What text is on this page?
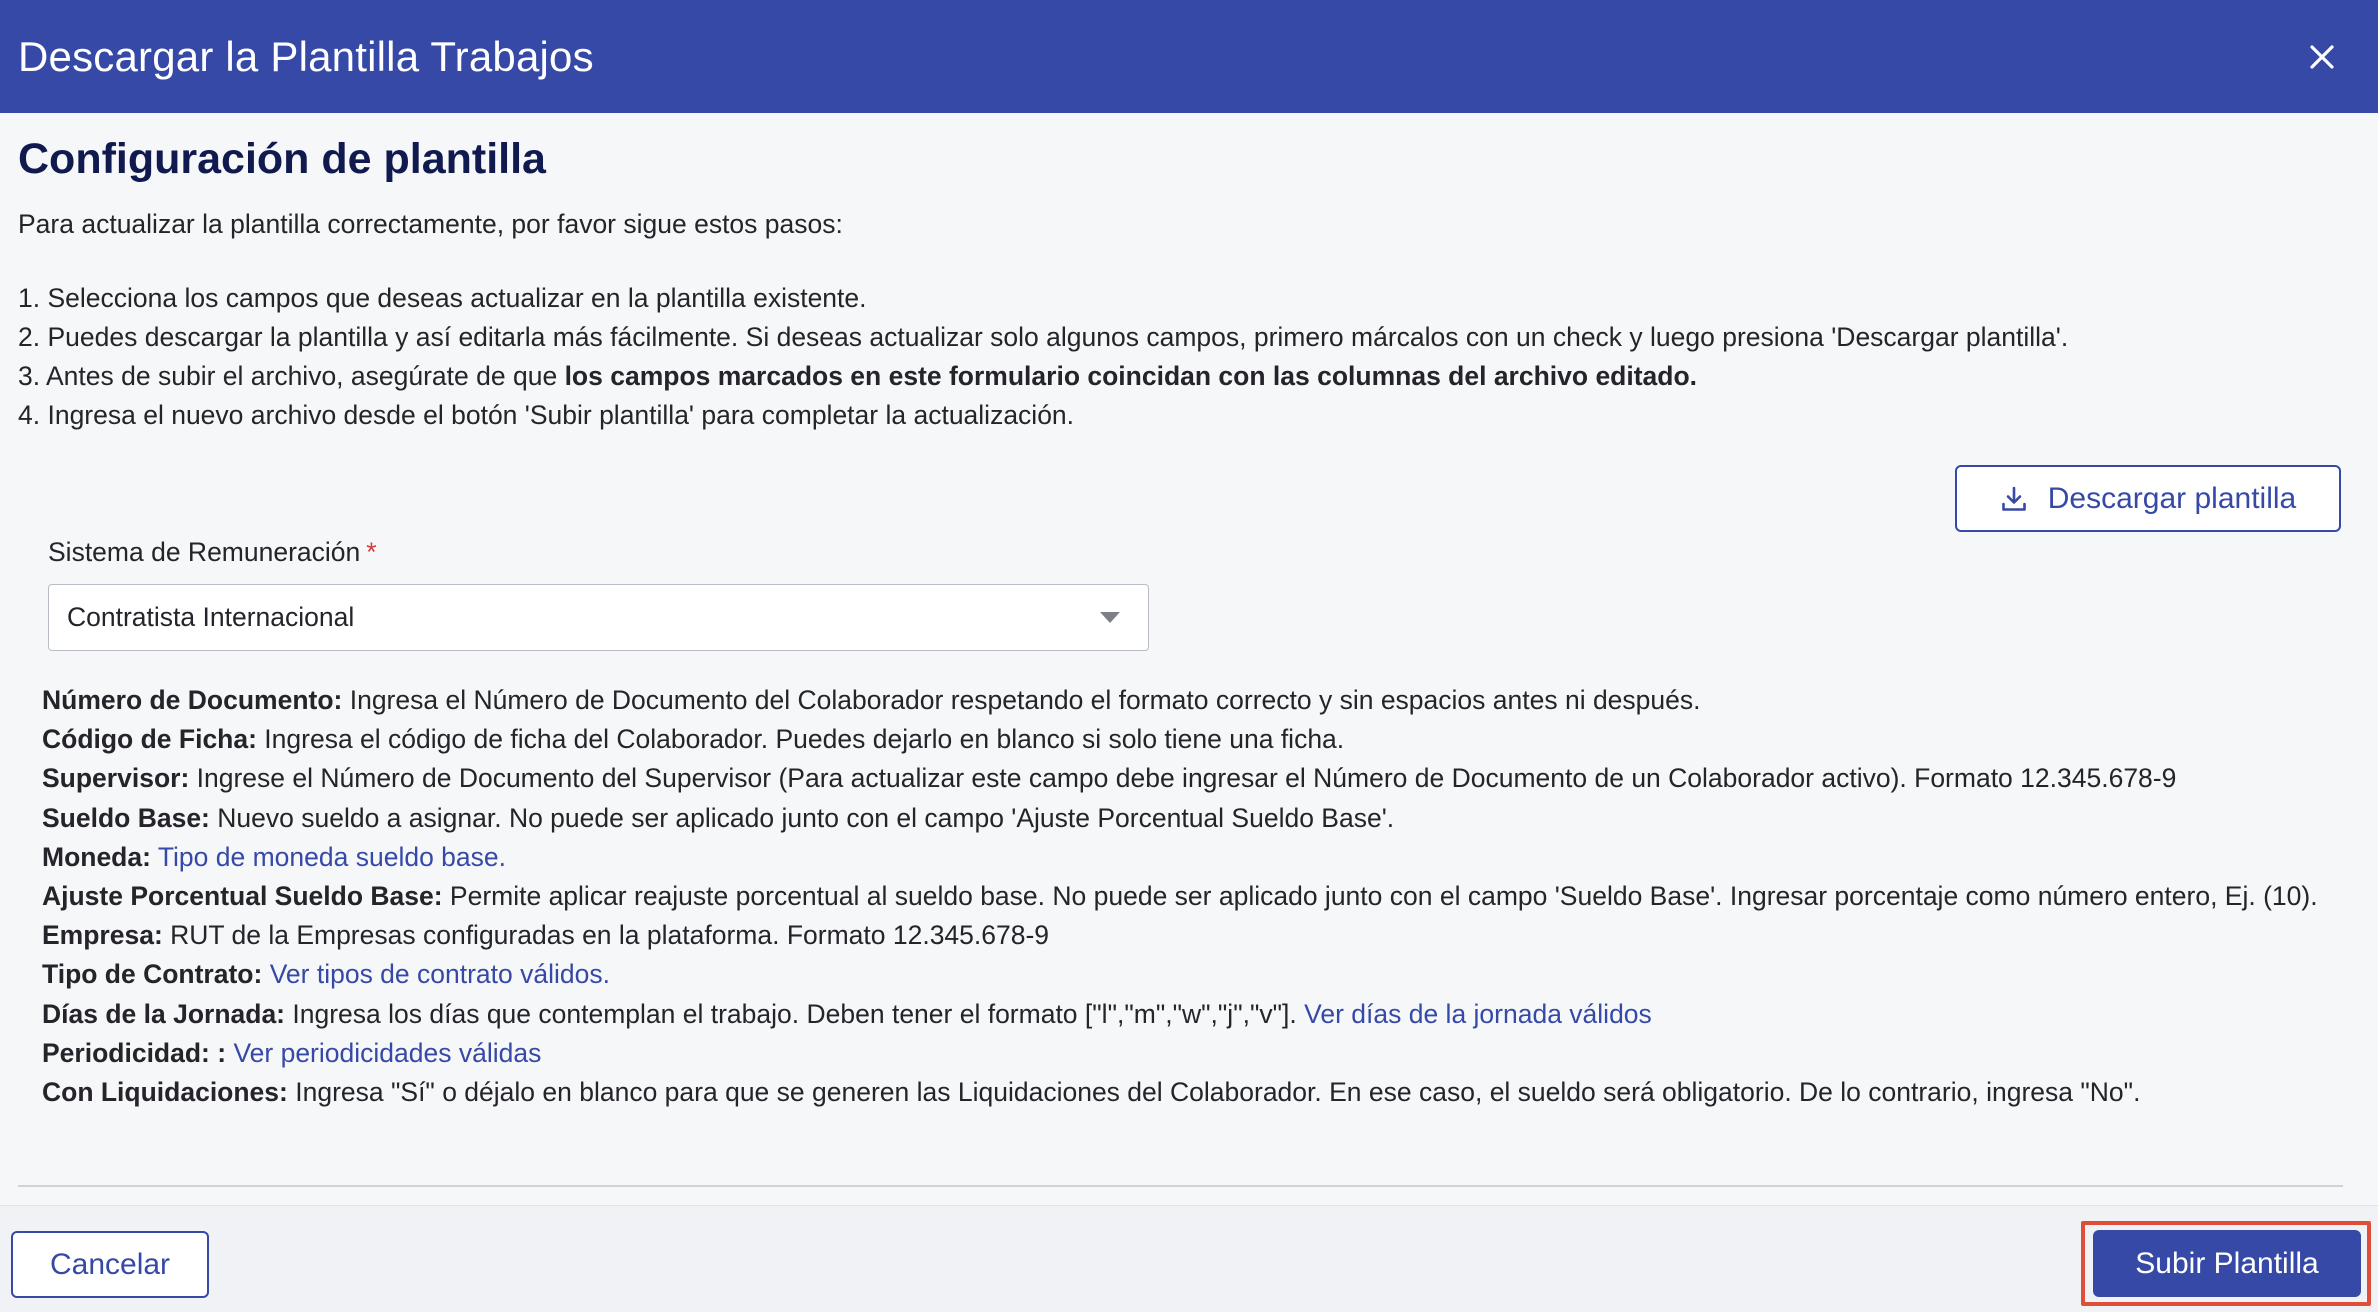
Descargar la Plantilla Trabajos
Configuración de plantilla
Para actualizar la plantilla correctamente, por favor sigue estos pasos:
1. Selecciona los campos que deseas actualizar en la plantilla existente.
2. Puedes descargar la plantilla y así editarla más fácilmente. Si deseas actualizar solo algunos campos, primero márcalos con un check y luego presiona 'Descargar plantilla'.
3. Antes de subir el archivo, asegúrate de que los campos marcados en este formulario coincidan con las columnas del archivo editado.
4. Ingresa el nuevo archivo desde el botón 'Subir plantilla' para completar la actualización.
Descargar plantilla
Sistema de Remuneración *
Contratista Internacional
Número de Documento: Ingresa el Número de Documento del Colaborador respetando el formato correcto y sin espacios antes ni después.
Código de Ficha: Ingresa el código de ficha del Colaborador. Puedes dejarlo en blanco si solo tiene una ficha.
Supervisor: Ingrese el Número de Documento del Supervisor (Para actualizar este campo debe ingresar el Número de Documento de un Colaborador activo). Formato 12.345.678-9
Sueldo Base: Nuevo sueldo a asignar. No puede ser aplicado junto con el campo 'Ajuste Porcentual Sueldo Base'.
Moneda: Tipo de moneda sueldo base.
Ajuste Porcentual Sueldo Base: Permite aplicar reajuste porcentual al sueldo base. No puede ser aplicado junto con el campo 'Sueldo Base'. Ingresar porcentaje como número entero, Ej. (10).
Empresa: RUT de la Empresas configuradas en la plataforma. Formato 12.345.678-9
Tipo de Contrato: Ver tipos de contrato válidos.
Días de la Jornada: Ingresa los días que contemplan el trabajo. Deben tener el formato ["l","m","w","j","v"]. Ver días de la jornada válidos
Periodicidad: : Ver periodicidades válidas
Con Liquidaciones: Ingresa "Sí" o déjalo en blanco para que se generen las Liquidaciones del Colaborador. En ese caso, el sueldo será obligatorio. De lo contrario, ingresa "No".
Cancelar	Subir Plantilla
